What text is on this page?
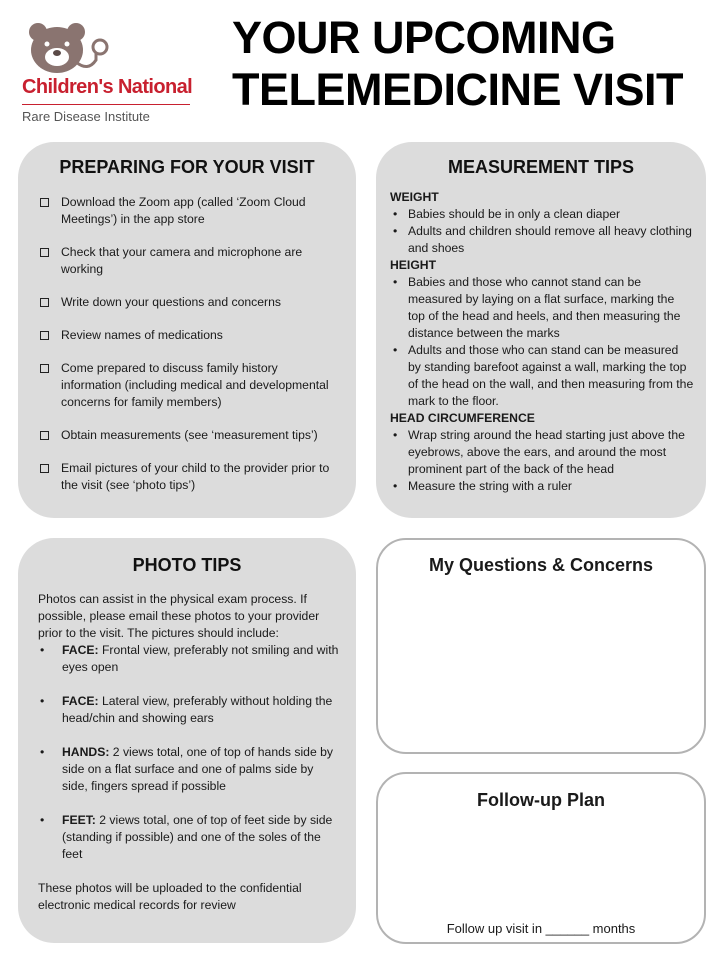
Children's National
Rare Disease Institute
YOUR UPCOMING
TELEMEDICINE VISIT
PREPARING FOR YOUR VISIT
Download the Zoom app (called ‘Zoom Cloud Meetings’) in the app store
Check that your camera and microphone are working
Write down your questions and concerns
Review names of medications
Come prepared to discuss family history information (including medical and developmental concerns for family members)
Obtain measurements (see ‘measurement tips’)
Email pictures of your child to the provider prior to the visit (see ‘photo tips’)
MEASUREMENT TIPS
WEIGHT
• Babies should be in only a clean diaper
• Adults and children should remove all heavy clothing and shoes
HEIGHT
• Babies and those who cannot stand can be measured by laying on a flat surface, marking the top of the head and heels, and then measuring the distance between the marks
• Adults and those who can stand can be measured by standing barefoot against a wall, marking the top of the head on the wall, and then measuring from the mark to the floor.
HEAD CIRCUMFERENCE
• Wrap string around the head starting just above the eyebrows, above the ears, and around the most prominent part of the back of the head
• Measure the string with a ruler
PHOTO TIPS

Photos can assist in the physical exam process. If possible, please email these photos to your provider prior to the visit. The pictures should include:

• FACE: Frontal view, preferably not smiling and with eyes open
• FACE: Lateral view, preferably without holding the head/chin and showing ears
• HANDS: 2 views total, one of top of hands side by side on a flat surface and one of palms side by side, fingers spread if possible
• FEET: 2 views total, one of top of feet side by side (standing if possible) and one of the soles of the feet

These photos will be uploaded to the confidential electronic medical records for review

My Questions & Concerns
Follow-up Plan
Follow up visit in ______ months
